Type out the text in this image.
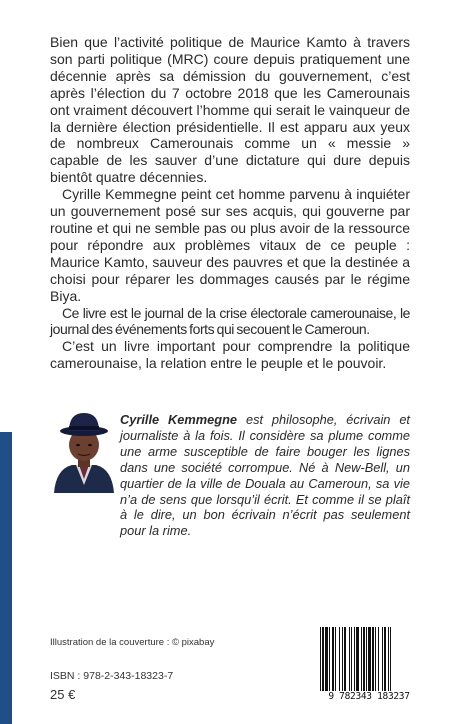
Bien que l’activité politique de Maurice Kamto à travers son parti politique (MRC) coure depuis pratiquement une décennie après sa démission du gouvernement, c’est après l’élection du 7 octobre 2018 que les Camerounais ont vraiment découvert l’homme qui serait le vainqueur de la dernière élection présidentielle. Il est apparu aux yeux de nombreux Camerounais comme un « messie » capable de les sauver d’une dictature qui dure depuis bientôt quatre décennies.

Cyrille Kemmegne peint cet homme parvenu à inquiéter un gouvernement posé sur ses acquis, qui gouverne par routine et qui ne semble pas ou plus avoir de la ressource pour répondre aux problèmes vitaux de ce peuple : Maurice Kamto, sauveur des pauvres et que la destinée a choisi pour réparer les dommages causés par le régime Biya.

Ce livre est le journal de la crise électorale camerounaise, le journal des événements forts qui secouent le Cameroun.

C’est un livre important pour comprendre la politique camerounaise, la relation entre le peuple et le pouvoir.

Cyrille Kemmegne est philosophe, écrivain et journaliste à la fois. Il considère sa plume comme une arme susceptible de faire bouger les lignes dans une société corrompue. Né à New-Bell, un quartier de la ville de Douala au Cameroun, sa vie n’a de sens que lorsqu’il écrit. Et comme il se plaît à le dire, un bon écrivain n’écrit pas seulement pour la rime.
Illustration de la couverture : © pixabay
ISBN : 978-2-343-18323-7
25 €	9 782343 183237
